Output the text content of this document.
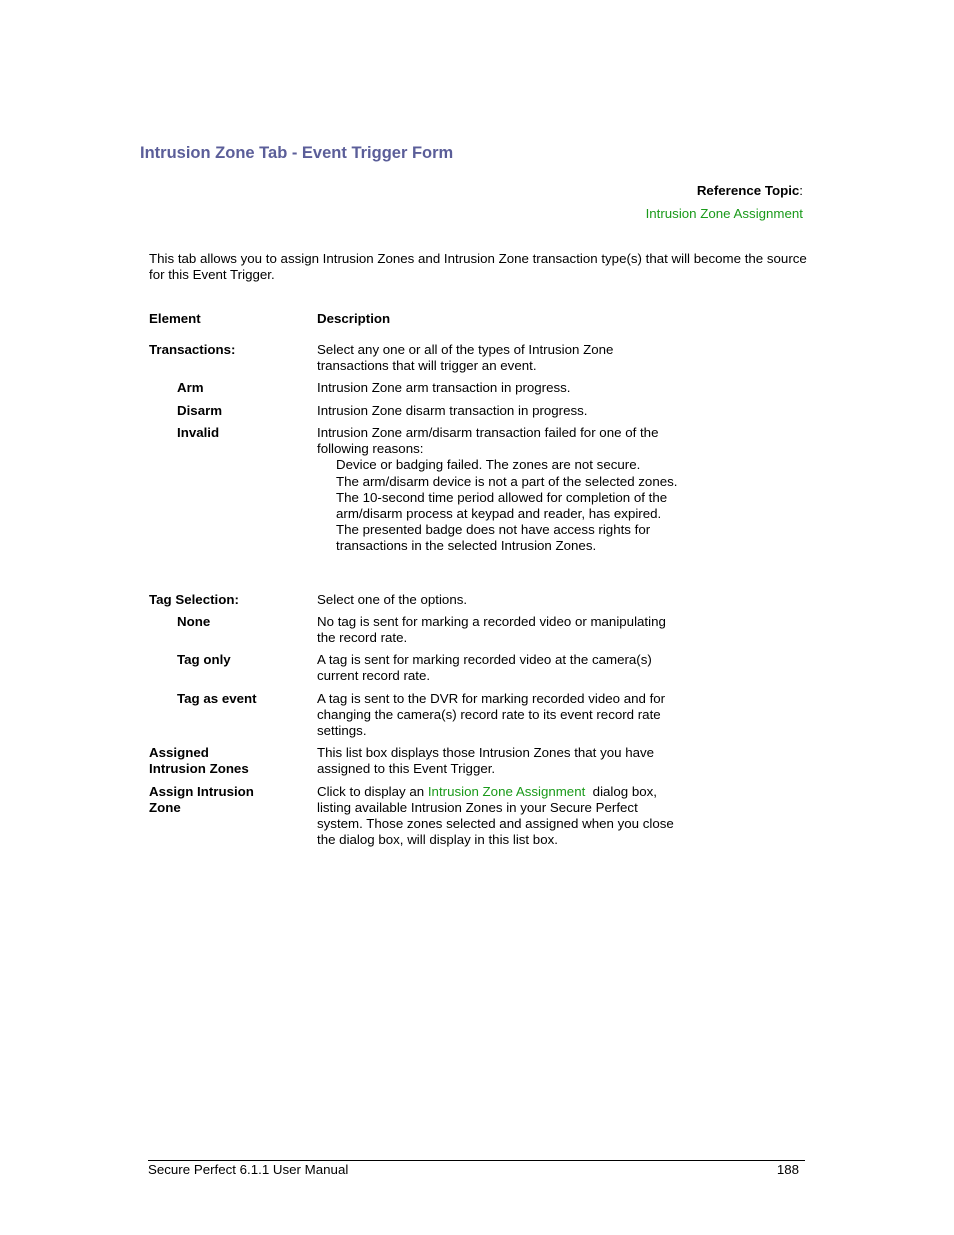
Intrusion Zone Tab - Event Trigger Form
Reference Topic:
Intrusion Zone Assignment

This tab allows you to assign Intrusion Zones and Intrusion Zone transaction type(s) that will become the source for this Event Trigger.

Element	Description
Transactions:	Select any one or all of the types of Intrusion Zone transactions that will trigger an event.
Arm	Intrusion Zone arm transaction in progress.
Disarm	Intrusion Zone disarm transaction in progress.
Invalid	Intrusion Zone arm/disarm transaction failed for one of the following reasons:
Device or badging failed. The zones are not secure.
The arm/disarm device is not a part of the selected zones.
The 10-second time period allowed for completion of the arm/disarm process at keypad and reader, has expired.
The presented badge does not have access rights for transactions in the selected Intrusion Zones.

Tag Selection:	Select one of the options.
None	No tag is sent for marking a recorded video or manipulating the record rate.
Tag only	A tag is sent for marking recorded video at the camera(s) current record rate.
Tag as event	A tag is sent to the DVR for marking recorded video and for changing the camera(s) record rate to its event record rate settings.

Assigned
Intrusion Zones	This list box displays those Intrusion Zones that you have assigned to this Event Trigger.

Assign Intrusion
Zone	Click to display an Intrusion Zone Assignment  dialog box, listing available Intrusion Zones in your Secure Perfect system. Those zones selected and assigned when you close the dialog box, will display in this list box.
Secure Perfect 6.1.1 User Manual	188
